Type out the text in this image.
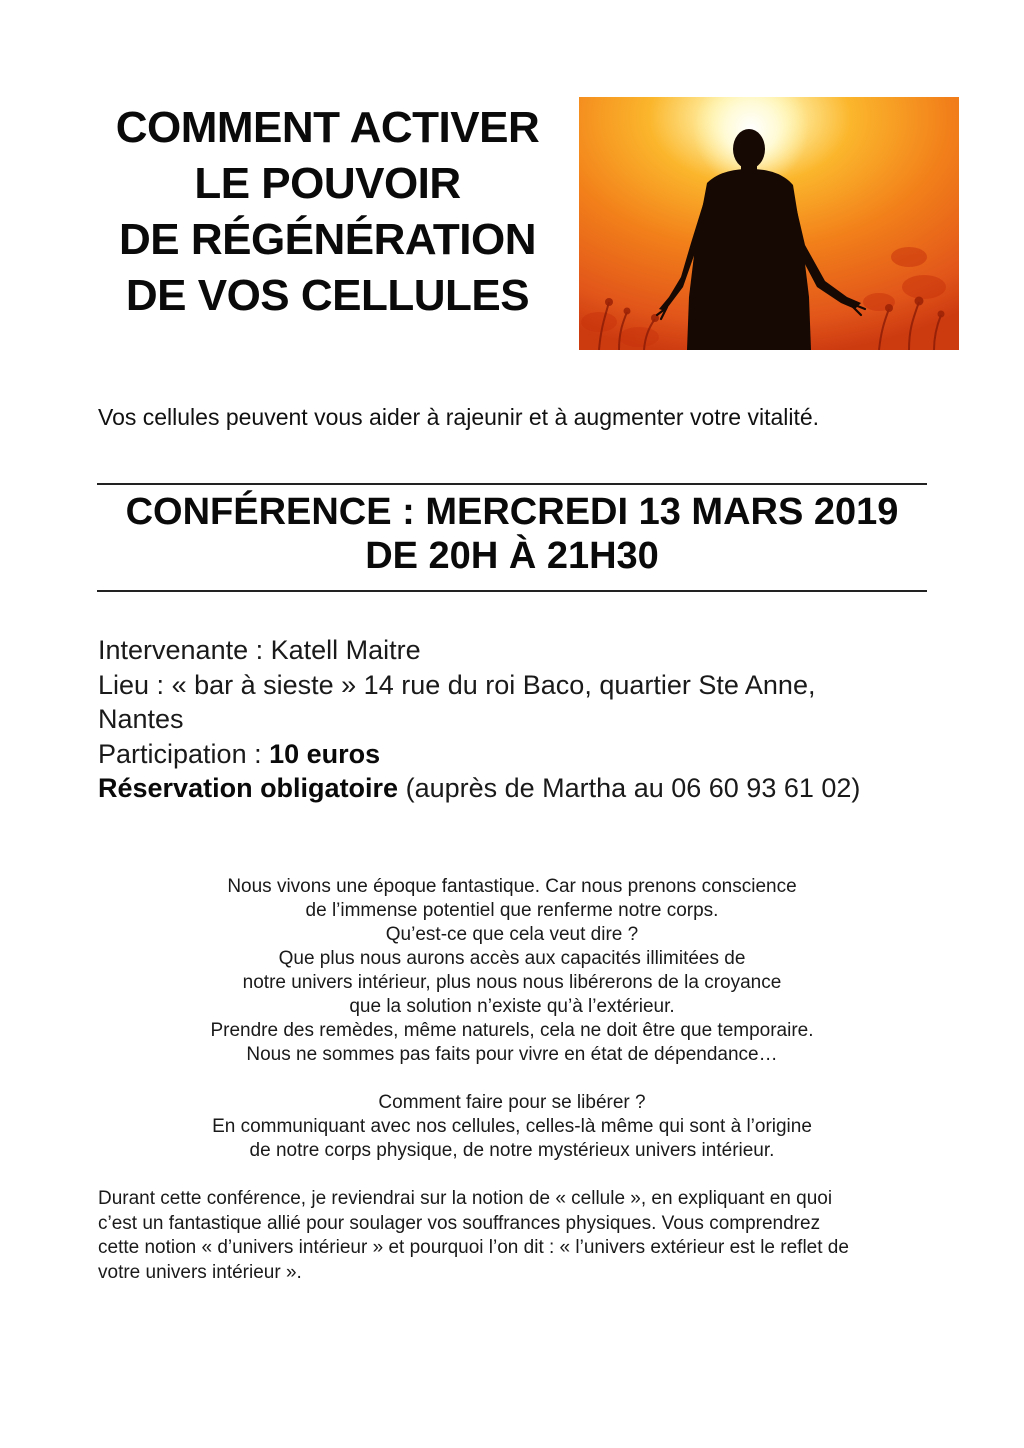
COMMENT ACTIVER
LE POUVOIR
DE RÉGÉNÉRATION
DE VOS CELLULES
Vos cellules peuvent vous aider à rajeunir et à augmenter votre vitalité.
CONFÉRENCE : MERCREDI 13 MARS 2019
DE 20H À 21H30
Intervenante : Katell Maitre
Lieu : « bar à sieste » 14 rue du roi Baco, quartier Ste Anne,
Nantes
Participation : 10 euros
Réservation obligatoire (auprès de Martha au 06 60 93 61 02)
Nous vivons une époque fantastique. Car nous prenons conscience
de l’immense potentiel que renferme notre corps.
Qu’est-ce que cela veut dire ?
Que plus nous aurons accès aux capacités illimitées de
notre univers intérieur, plus nous nous libérerons de la croyance
que la solution n’existe qu’à l’extérieur.
Prendre des remèdes, même naturels, cela ne doit être que temporaire.
Nous ne sommes pas faits pour vivre en état de dépendance…
Comment faire pour se libérer ?
En communiquant avec nos cellules, celles-là même qui sont à l’origine
de notre corps physique, de notre mystérieux univers intérieur.
Durant cette conférence, je reviendrai sur la notion de « cellule », en expliquant en quoi
c’est un fantastique allié pour soulager vos souffrances physiques. Vous comprendrez
cette notion « d’univers intérieur » et pourquoi l’on dit : « l’univers extérieur est le reflet de
votre univers intérieur ».
